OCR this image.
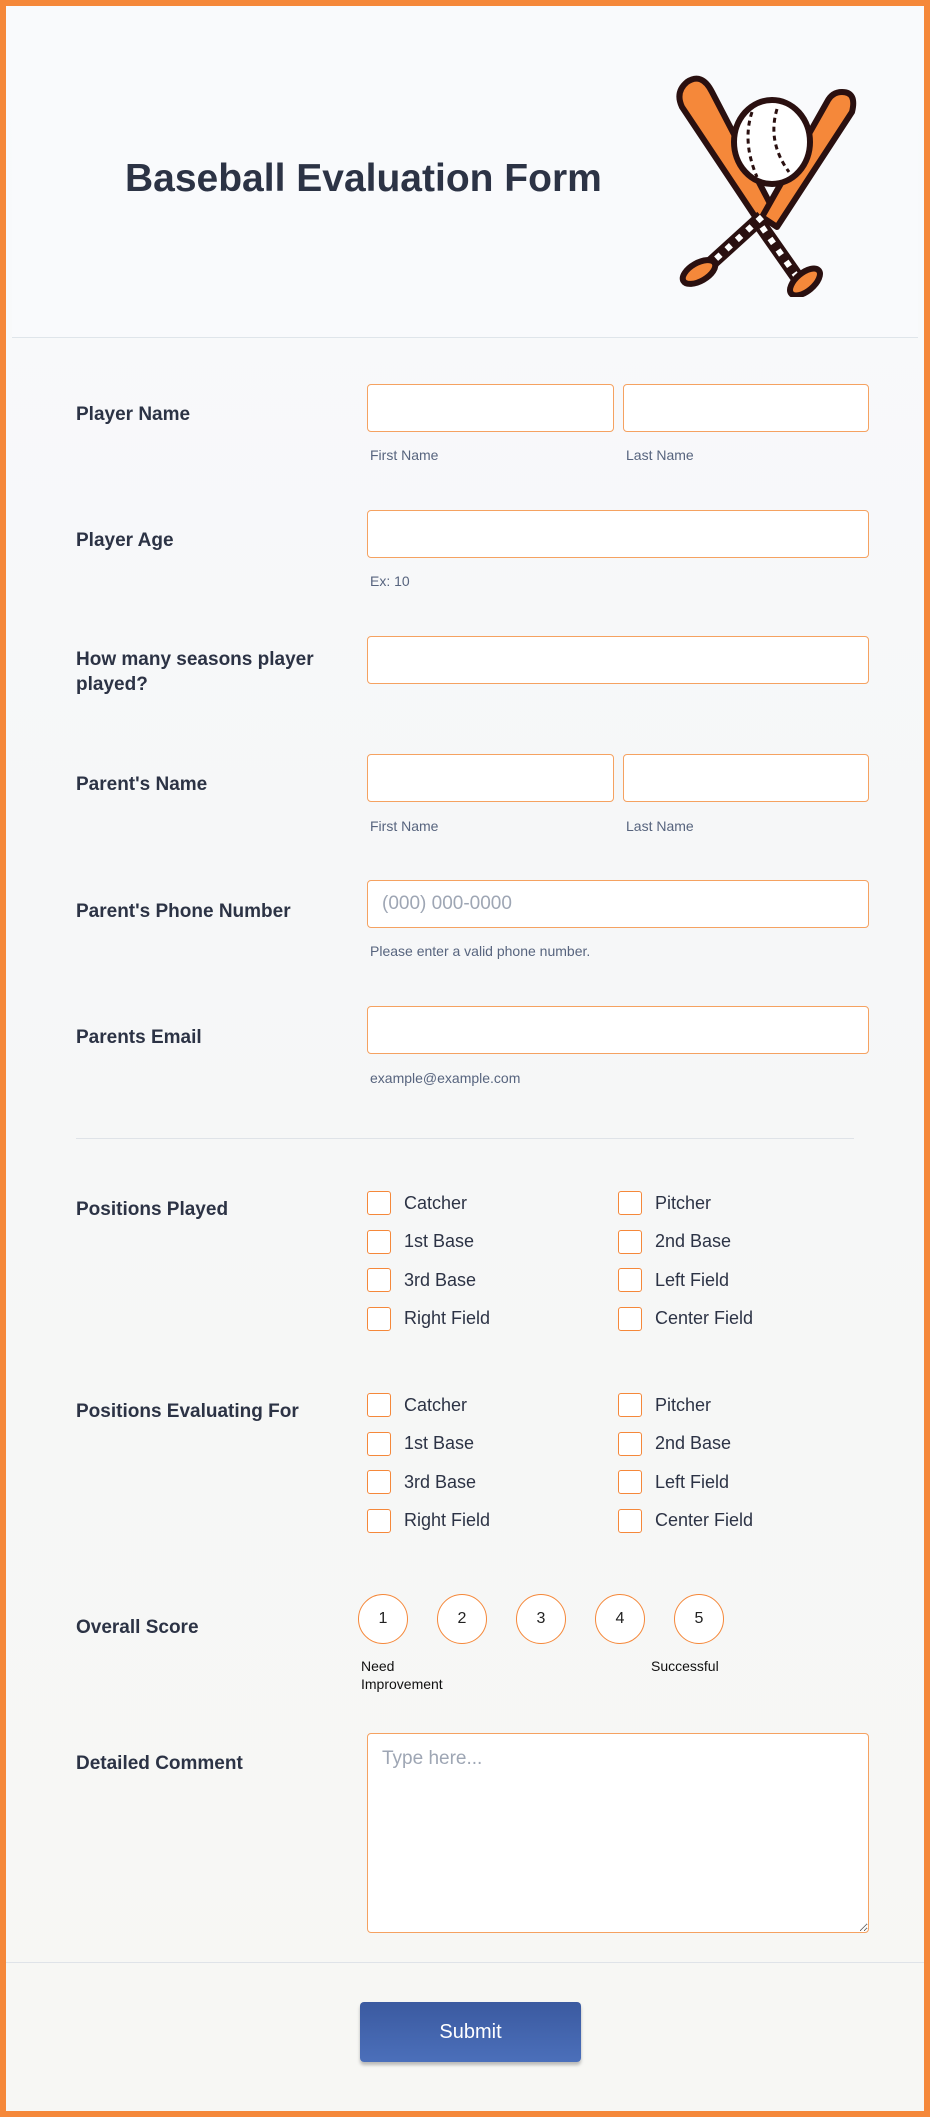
Baseball Evaluation Form
Player Name
First Name	Last Name
Player Age
Ex: 10
How many seasons player played?
Parent's Name
First Name	Last Name
Parent's Phone Number	(000) 000-0000
Please enter a valid phone number.
Parents Email
example@example.com
Positions Played	Catcher	Pitcher
1st Base	2nd Base
3rd Base	Left Field
Right Field	Center Field
Positions Evaluating For	Catcher	Pitcher
1st Base	2nd Base
3rd Base	Left Field
Right Field	Center Field
Overall Score	1	2	3	4	5
Need Improvement
Successful
Detailed Comment
Type here...
Submit
